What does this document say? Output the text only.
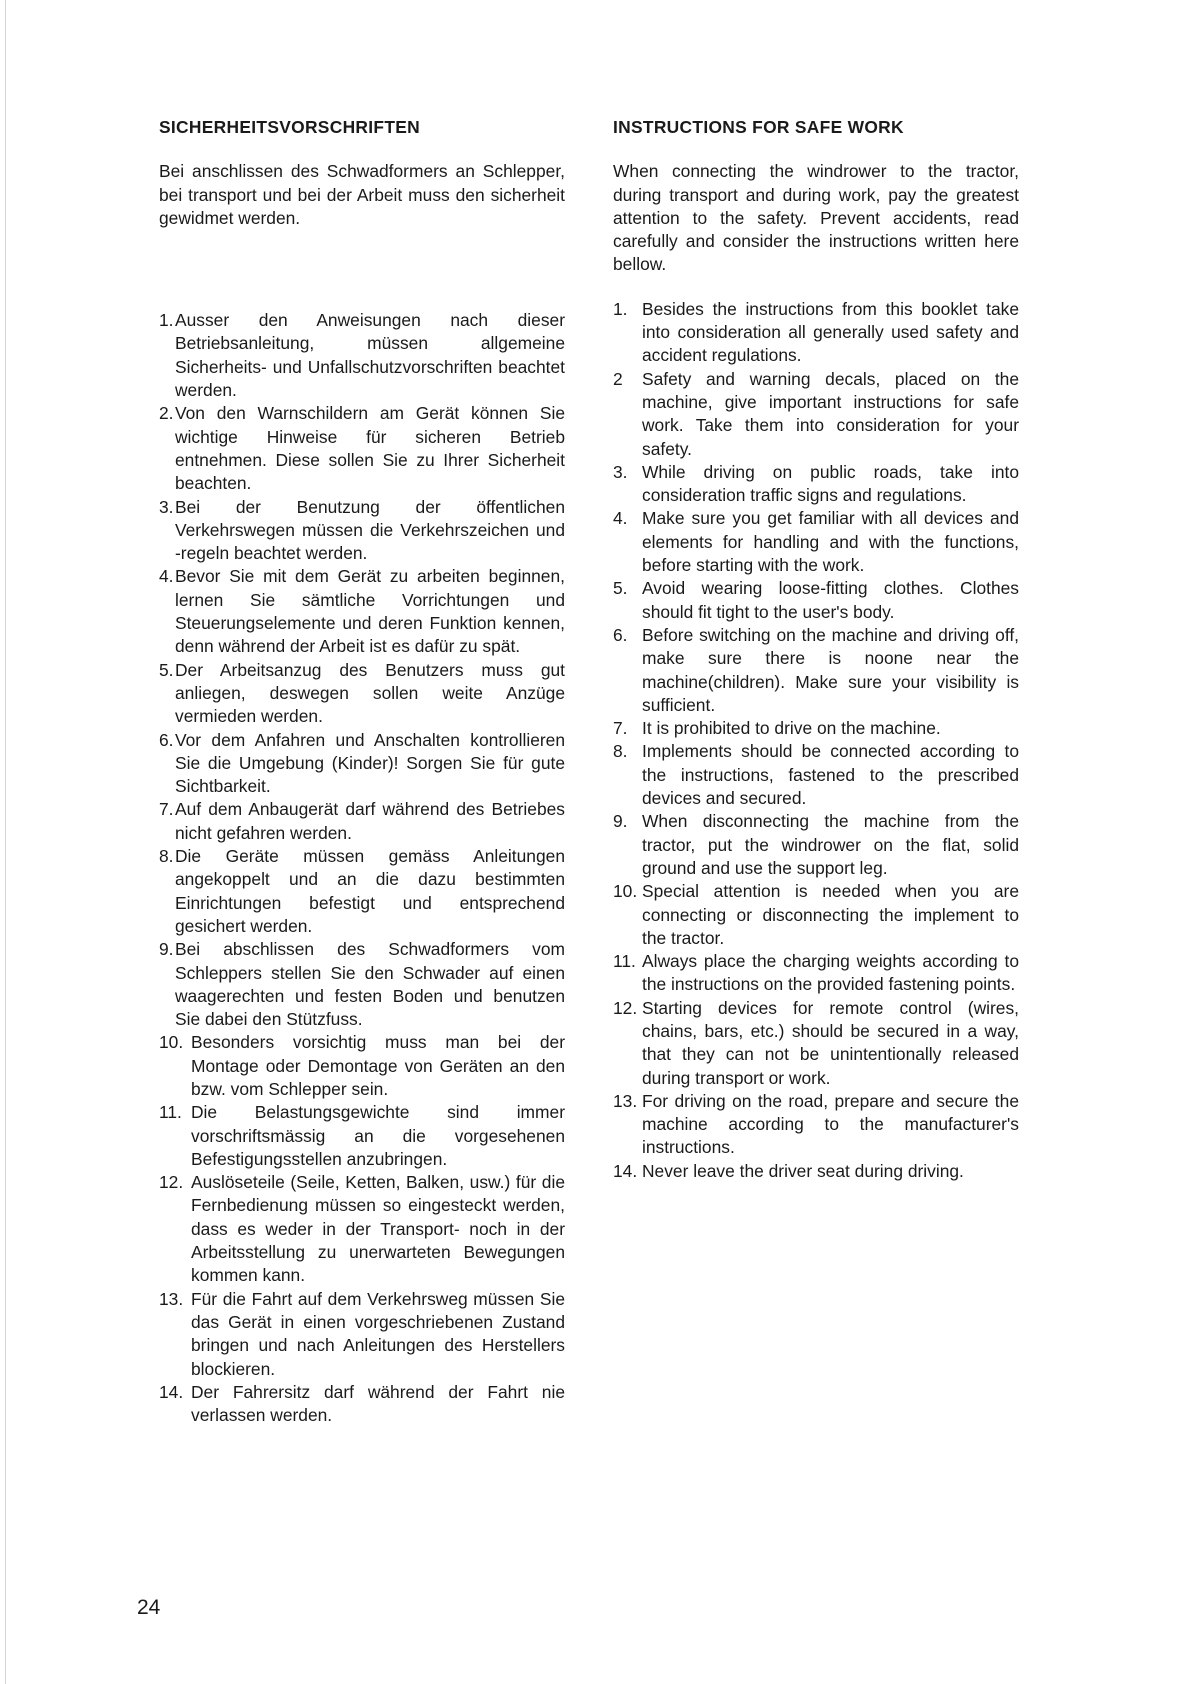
SICHERHEITSVORSCHRIFTEN

Bei anschlissen des Schwadformers an Schlepper, bei transport und bei der Arbeit muss den sicherheit gewidmet werden.

1. Ausser den Anweisungen nach dieser Betriebsanleitung, müssen allgemeine Sicherheits- und Unfallschutzvorschriften beachtet werden.
2. Von den Warnschildern am Gerät können Sie wichtige Hinweise für sicheren Betrieb entnehmen. Diese sollen Sie zu Ihrer Sicherheit beachten.
3. Bei der Benutzung der öffentlichen Verkehrswegen müssen die Verkehrszeichen und -regeln beachtet werden.
4. Bevor Sie mit dem Gerät zu arbeiten beginnen, lernen Sie sämtliche Vorrichtungen und Steuerungselemente und deren Funktion kennen, denn während der Arbeit ist es dafür zu spät.
5. Der Arbeitsanzug des Benutzers muss gut anliegen, deswegen sollen weite Anzüge vermieden werden.
6. Vor dem Anfahren und Anschalten kontrollieren Sie die Umgebung (Kinder)! Sorgen Sie für gute Sichtbarkeit.
7. Auf dem Anbaugerät darf während des Betriebes nicht gefahren werden.
8. Die Geräte müssen gemäss Anleitungen angekoppelt und an die dazu bestimmten Einrichtungen befestigt und entsprechend gesichert werden.
9. Bei abschlissen des Schwadformers vom Schleppers stellen Sie den Schwader auf einen waagerechten und festen Boden und benutzen Sie dabei den Stützfuss.
10. Besonders vorsichtig muss man bei der Montage oder Demontage von Geräten an den bzw. vom Schlepper sein.
11. Die Belastungsgewichte sind immer vorschriftsmässig an die vorgesehenen Befestigungsstellen anzubringen.
12. Auslöseteile (Seile, Ketten, Balken, usw.) für die Fernbedienung müssen so eingesteckt werden, dass es weder in der Transport- noch in der Arbeitsstellung zu unerwarteten Bewegungen kommen kann.
13. Für die Fahrt auf dem Verkehrsweg müssen Sie das Gerät in einen vorgeschriebenen Zustand bringen und nach Anleitungen des Herstellers blockieren.
14. Der Fahrersitz darf während der Fahrt nie verlassen werden.
INSTRUCTIONS FOR SAFE WORK

When connecting the windrower to the tractor, during transport and during work, pay the greatest attention to the safety. Prevent accidents, read carefully and consider the instructions written here bellow.

1. Besides the instructions from this booklet take into consideration all generally used safety and accident regulations.
2 Safety and warning decals, placed on the machine, give important instructions for safe work. Take them into consideration for your safety.
3. While driving on public roads, take into consideration traffic signs and regulations.
4. Make sure you get familiar with all devices and elements for handling and with the functions, before starting with the work.
5. Avoid wearing loose-fitting clothes. Clothes should fit tight to the user's body.
6. Before switching on the machine and driving off, make sure there is noone near the machine(children). Make sure your visibility is sufficient.
7. It is prohibited to drive on the machine.
8. Implements should be connected according to the instructions, fastened to the prescribed devices and secured.
9. When disconnecting the machine from the tractor, put the windrower on the flat, solid ground and use the support leg.
10. Special attention is needed when you are connecting or disconnecting the implement to the tractor.
11. Always place the charging weights according to the instructions on the provided fastening points.
12. Starting devices for remote control (wires, chains, bars, etc.) should be secured in a way, that they can not be unintentionally released during transport or work.
13. For driving on the road, prepare and secure the machine according to the manufacturer's instructions.
14. Never leave the driver seat during driving.
24
